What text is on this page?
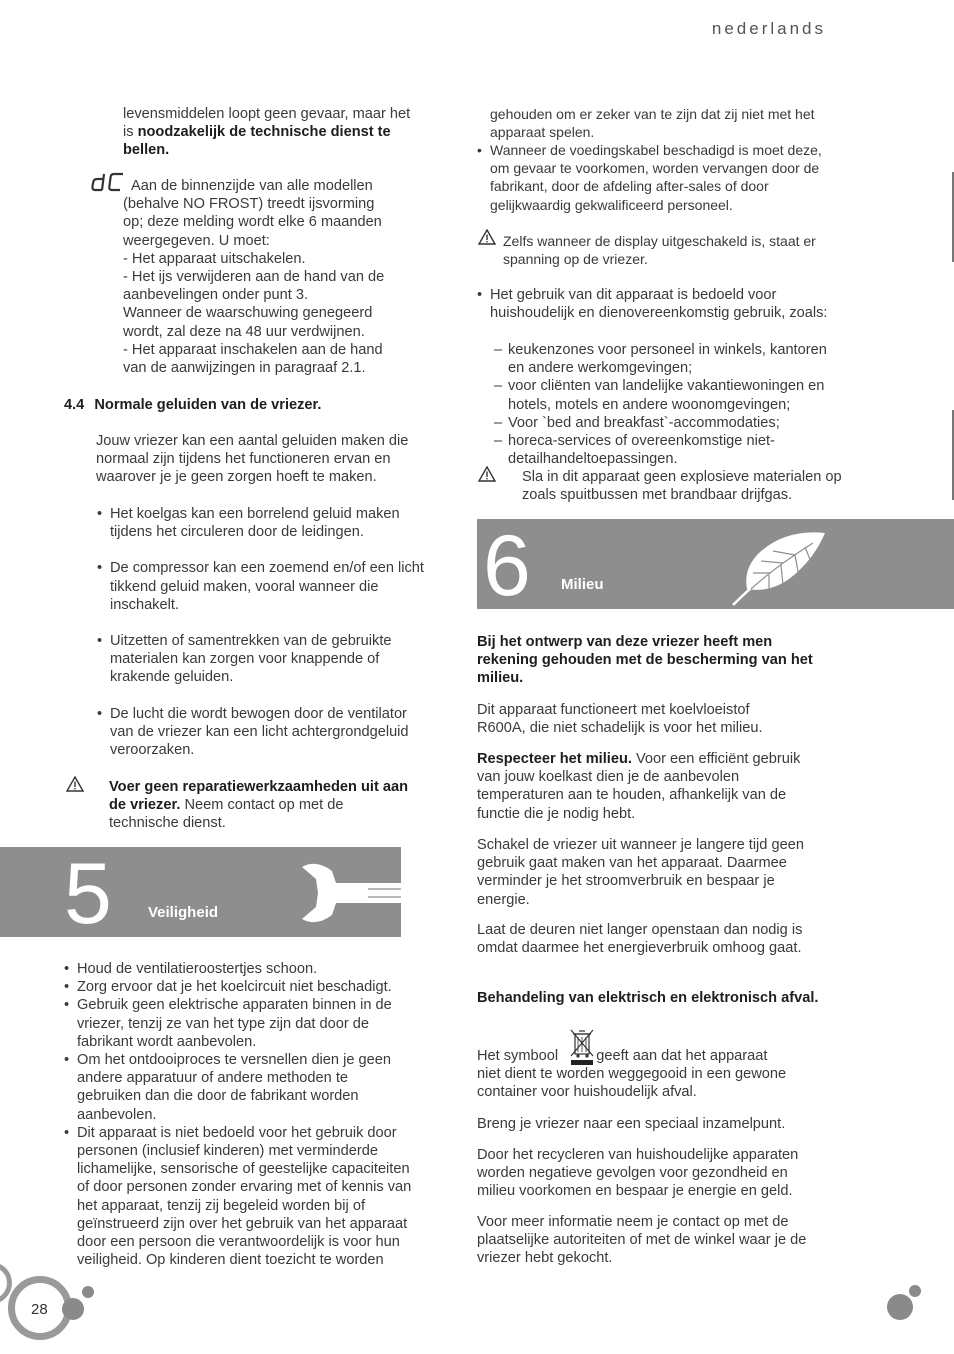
nederlands
levensmiddelen loopt geen gevaar, maar het is noodzakelijk de technische dienst te bellen.
Aan de binnenzijde van alle modellen
(behalve NO FROST) treedt ijsvorming
op; deze melding wordt elke 6 maanden
weergegeven. U moet:
- Het apparaat uitschakelen.
- Het ijs verwijderen aan de hand van de
aanbevelingen onder punt 3.
Wanneer de waarschuwing genegeerd
wordt, zal deze na 48 uur verdwijnen.
- Het apparaat inschakelen aan de hand
van de aanwijzingen in paragraaf 2.1.
4.4 Normale geluiden van de vriezer.
Jouw vriezer kan een aantal geluiden maken die normaal zijn tijdens het functioneren ervan en waarover je je geen zorgen hoeft te maken.
• Het koelgas kan een borrelend geluid maken tijdens het circuleren door de leidingen.
• De compressor kan een zoemend en/of een licht tikkend geluid maken, vooral wanneer die inschakelt.
• Uitzetten of samentrekken van de gebruikte materialen kan zorgen voor knappende of krakende geluiden.
• De lucht die wordt bewogen door de ventilator van de vriezer kan een licht achtergrondgeluid veroorzaken.
Voer geen reparatiewerkzaamheden uit aan de vriezer. Neem contact op met de technische dienst.
5 Veiligheid
• Houd de ventilatieroostertjes schoon.
• Zorg ervoor dat je het koelcircuit niet beschadigt.
• Gebruik geen elektrische apparaten binnen in de vriezer, tenzij ze van het type zijn dat door de fabrikant wordt aanbevolen.
• Om het ontdooiproces te versnellen dien je geen andere apparatuur of andere methoden te gebruiken dan die door de fabrikant worden aanbevolen.
• Dit apparaat is niet bedoeld voor het gebruik door personen (inclusief kinderen) met verminderde lichamelijke, sensorische of geestelijke capaciteiten of door personen zonder ervaring met of kennis van het apparaat, tenzij zij begeleid worden bij of geïnstrueerd zijn over het gebruik van het apparaat door een persoon die verantwoordelijk is voor hun veiligheid. Op kinderen dient toezicht te worden
28
gehouden om er zeker van te zijn dat zij niet met het apparaat spelen.
• Wanneer de voedingskabel beschadigd is moet deze, om gevaar te voorkomen, worden vervangen door de fabrikant, door de afdeling after-sales of door gelijkwaardig gekwalificeerd personeel.
Zelfs wanneer de display uitgeschakeld is, staat er spanning op de vriezer.
• Het gebruik van dit apparaat is bedoeld voor huishoudelijk en dienovereenkomstig gebruik, zoals:
– keukenzones voor personeel in winkels, kantoren en andere werkomgevingen;
– voor cliënten van landelijke vakantiewoningen en hotels, motels en andere woonomgevingen;
– Voor `bed and breakfast`-accommodaties;
– horeca-services of overeenkomstige niet-detailhandeltoepassingen.
Sla in dit apparaat geen explosieve materialen op zoals spuitbussen met brandbaar drijfgas.
6 Milieu
Bij het ontwerp van deze vriezer heeft men rekening gehouden met de bescherming van het milieu.
Dit apparaat functioneert met koelvloeistof R600A, die niet schadelijk is voor het milieu.
Respecteer het milieu. Voor een efficiënt gebruik van jouw koelkast dien je de aanbevolen temperaturen aan te houden, afhankelijk van de functie die je nodig hebt.
Schakel de vriezer uit wanneer je langere tijd geen gebruik gaat maken van het apparaat. Daarmee verminder je het stroomverbruik en bespaar je energie.
Laat de deuren niet langer openstaan dan nodig is omdat daarmee het energieverbruik omhoog gaat.
Behandeling van elektrisch en elektronisch afval.
Het symbool	geeft aan dat het apparaat
niet dient te worden weggegooid in een gewone container voor huishoudelijk afval.
Breng je vriezer naar een speciaal inzamelpunt.
Door het recycleren van huishoudelijke apparaten worden negatieve gevolgen voor gezondheid en milieu voorkomen en bespaar je energie en geld.
Voor meer informatie neem je contact op met de plaatselijke autoriteiten of met de winkel waar je de vriezer hebt gekocht.
